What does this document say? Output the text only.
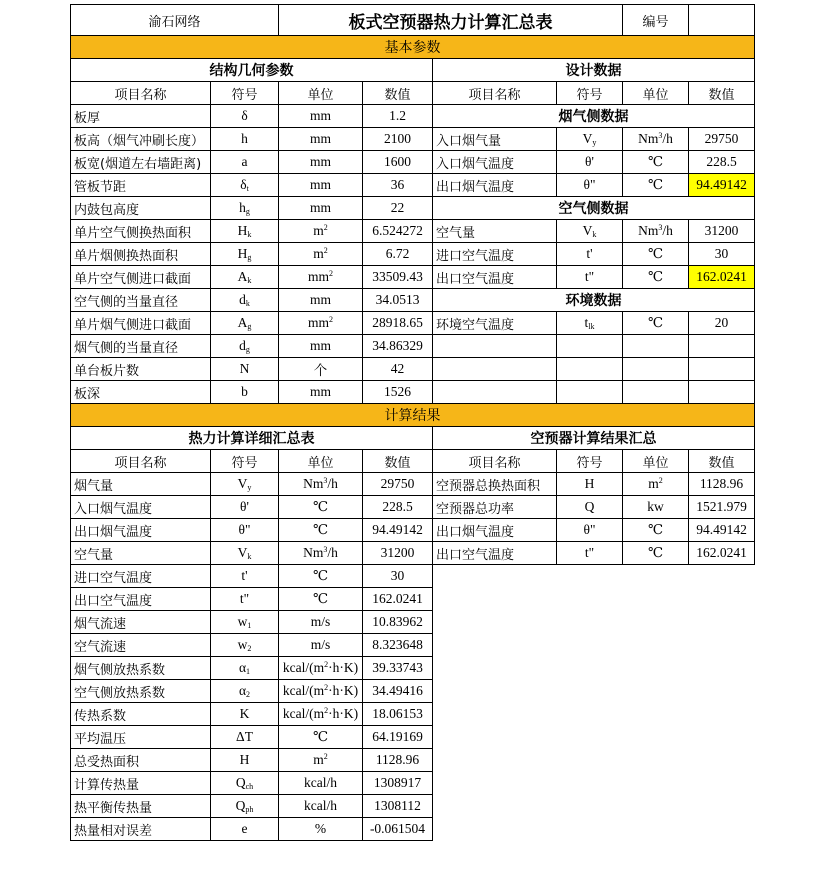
渝石网络		板式空预器热力计算汇总表				编号	
基本参数							
结构几何参数				设计数据			
项目名称	符号	单位	数值	项目名称	符号	单位	数值
板厚	δ	mm	1.2	烟气侧数据			
板高（烟气冲刷长度）	h	mm	2100	入口烟气量	$V_y$	Nm$^3$/h	29750
板宽(烟道左右墙距离)	a	mm	1600	入口烟气温度	θ'	℃	228.5
管板节距	$\delta_t$	mm	36	出口烟气温度	θ"	℃	94.49142
内鼓包高度	$h_g$	mm	22	空气侧数据			
单片空气侧换热面积	$H_k$	$m^2$	6.524272	空气量	$V_k$	Nm$^3$/h	31200
单片烟侧换热面积	$H_g$	$m^2$	6.72	进口空气温度	t'	℃	30
单片空气侧进口截面	$A_k$	$mm^2$	33509.43	出口空气温度	t"	℃	162.0241
空气侧的当量直径	$d_k$	mm	34.0513	环境数据			
单片烟气侧进口截面	$A_g$	$mm^2$	28918.65	环境空气温度	$t_{lk}$	℃	20
烟气侧的当量直径	$d_g$	mm	34.86329				
单台板片数	N	个	42				
板深	b	mm	1526				
计算结果							
热力计算详细汇总表				空预器计算结果汇总			
项目名称	符号	单位	数值	项目名称	符号	单位	数值
烟气量	$V_y$	Nm$^3$/h	29750	空预器总换热面积	H	$m^2$	1128.96
入口烟气温度	θ'	℃	228.5	空预器总功率	Q	kw	1521.979
出口烟气温度	θ"	℃	94.49142	出口烟气温度	θ"	℃	94.49142
空气量	$V_k$	Nm$^3$/h	31200	出口空气温度	t"	℃	162.0241
进口空气温度	t'	℃	30				
出口空气温度	t"	℃	162.0241				
烟气流速	$w_1$	m/s	10.83962				
空气流速	$w_2$	m/s	8.323648				
烟气侧放热系数	$\alpha_1$	kcal/$(m^2\cdot h\cdot K)$	39.33743				
空气侧放热系数	$\alpha_2$	kcal/$(m^2\cdot h\cdot K)$	34.49416				
传热系数	K	kcal/$(m^2\cdot h\cdot K)$	18.06153				
平均温压	ΔT	℃	64.19169				
总受热面积	H	$m^2$	1128.96				
计算传热量	$Q_{ch}$	kcal/h	1308917				
热平衡传热量	$Q_{ph}$	kcal/h	1308112				
热量相对误差	e	%	-0.061504				
